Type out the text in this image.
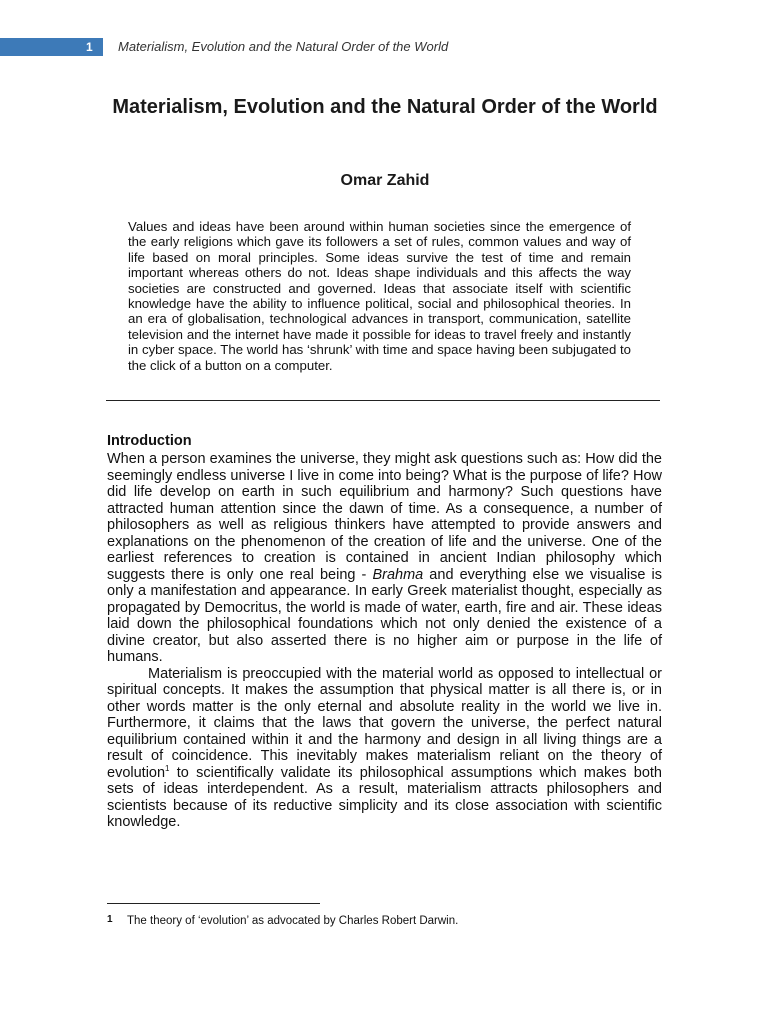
1 Materialism, Evolution and the Natural Order of the World
Materialism, Evolution and the Natural Order of the World
Omar Zahid

Values and ideas have been around within human societies since the emergence of the early religions which gave its followers a set of rules, common values and way of life based on moral principles. Some ideas survive the test of time and remain important whereas others do not. Ideas shape individuals and this affects the way societies are constructed and governed. Ideas that associate itself with scientific knowledge have the ability to influence political, social and philosophical theories. In an era of globalisation, technological advances in transport, communication, satellite television and the internet have made it possible for ideas to travel freely and instantly in cyber space. The world has ‘shrunk’ with time and space having been subjugated to the click of a button on a computer.

Introduction

When a person examines the universe, they might ask questions such as: How did the seemingly endless universe I live in come into being? What is the purpose of life? How did life develop on earth in such equilibrium and harmony? Such questions have attracted human attention since the dawn of time. As a consequence, a number of philosophers as well as religious thinkers have attempted to provide answers and explanations on the phenomenon of the creation of life and the universe. One of the earliest references to creation is contained in ancient Indian philosophy which suggests there is only one real being - Brahma and everything else we visualise is only a manifestation and appearance. In early Greek materialist thought, especially as propagated by Democritus, the world is made of water, earth, fire and air. These ideas laid down the philosophical foundations which not only denied the existence of a divine creator, but also asserted there is no higher aim or purpose in the life of humans.

Materialism is preoccupied with the material world as opposed to intellectual or spiritual concepts. It makes the assumption that physical matter is all there is, or in other words matter is the only eternal and absolute reality in the world we live in. Furthermore, it claims that the laws that govern the universe, the perfect natural equilibrium contained within it and the harmony and design in all living things are a result of coincidence. This inevitably makes materialism reliant on the theory of evolution$^1$ to scientifically validate its philosophical assumptions which makes both sets of ideas interdependent. As a result, materialism attracts philosophers and scientists because of its reductive simplicity and its close association with scientific knowledge.

1 The theory of ‘evolution’ as advocated by Charles Robert Darwin.
